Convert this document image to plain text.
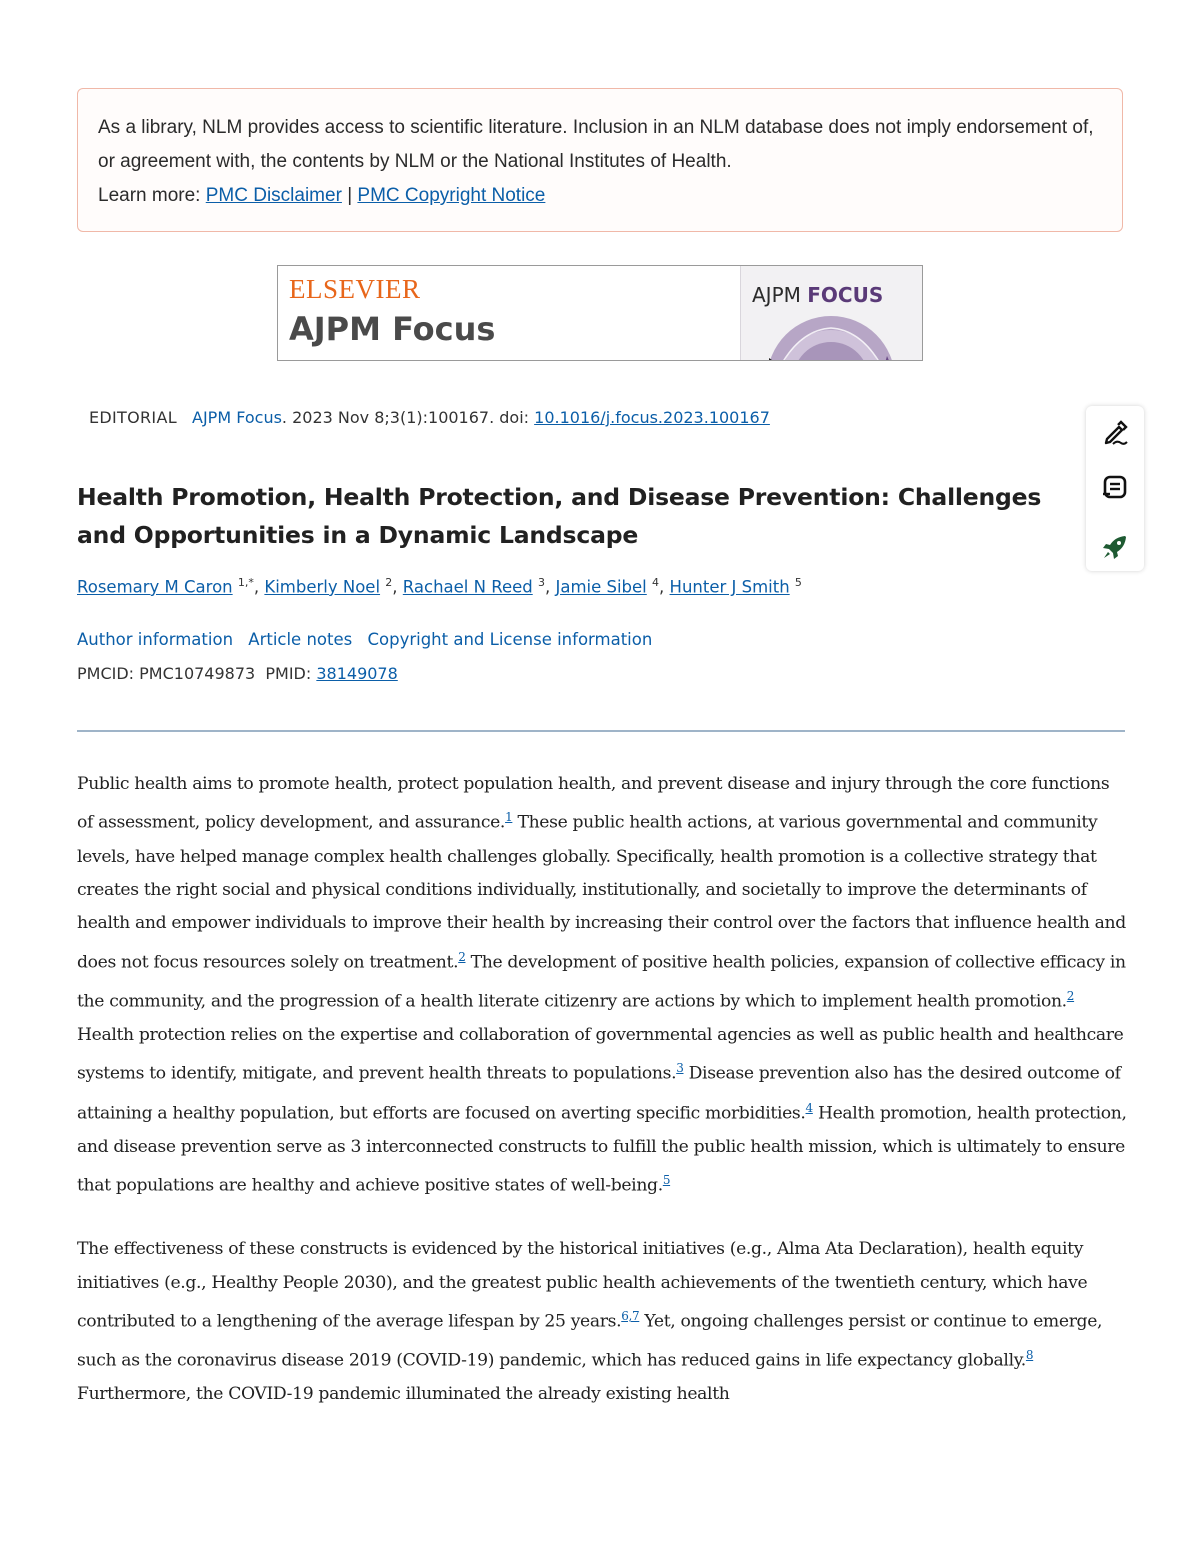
As a library, NLM provides access to scientific literature. Inclusion in an NLM database does not imply endorsement of, or agreement with, the contents by NLM or the National Institutes of Health.

Learn more: PMC Disclaimer | PMC Copyright Notice

ELSEVIER
AJPM Focus
AJPM FOCUS
EDITORIAL AJPM Focus. 2023 Nov 8;3(1):100167. doi: 10.1016/j.focus.2023.100167
Health Promotion, Health Protection, and Disease Prevention: Challenges and Opportunities in a Dynamic Landscape
Rosemary M Caron $^{1,*}$, Kimberly Noel $^2$, Rachael N Reed $^3$, Jamie Sibel $^4$, Hunter J Smith $^5$
Author information Article notes Copyright and License information
PMCID: PMC10749873 PMID: 38149078

Public health aims to promote health, protect population health, and prevent disease and injury through the core functions of assessment, policy development, and assurance.$^1$ These public health actions, at various governmental and community levels, have helped manage complex health challenges globally. Specifically, health promotion is a collective strategy that creates the right social and physical conditions individually, institutionally, and societally to improve the determinants of health and empower individuals to improve their health by increasing their control over the factors that influence health and does not focus resources solely on treatment.$^2$ The development of positive health policies, expansion of collective efficacy in the community, and the progression of a health literate citizenry are actions by which to implement health promotion.$^2$ Health protection relies on the expertise and collaboration of governmental agencies as well as public health and healthcare systems to identify, mitigate, and prevent health threats to populations.$^3$ Disease prevention also has the desired outcome of attaining a healthy population, but efforts are focused on averting specific morbidities.$^4$ Health promotion, health protection, and disease prevention serve as 3 interconnected constructs to fulfill the public health mission, which is ultimately to ensure that populations are healthy and achieve positive states of well-being.$^5$

The effectiveness of these constructs is evidenced by the historical initiatives (e.g., Alma Ata Declaration), health equity initiatives (e.g., Healthy People 2030), and the greatest public health achievements of the twentieth century, which have contributed to a lengthening of the average lifespan by 25 years.$^{6,7}$ Yet, ongoing challenges persist or continue to emerge, such as the coronavirus disease 2019 (COVID-19) pandemic, which has reduced gains in life expectancy globally.$^8$ Furthermore, the COVID-19 pandemic illuminated the already existing health
